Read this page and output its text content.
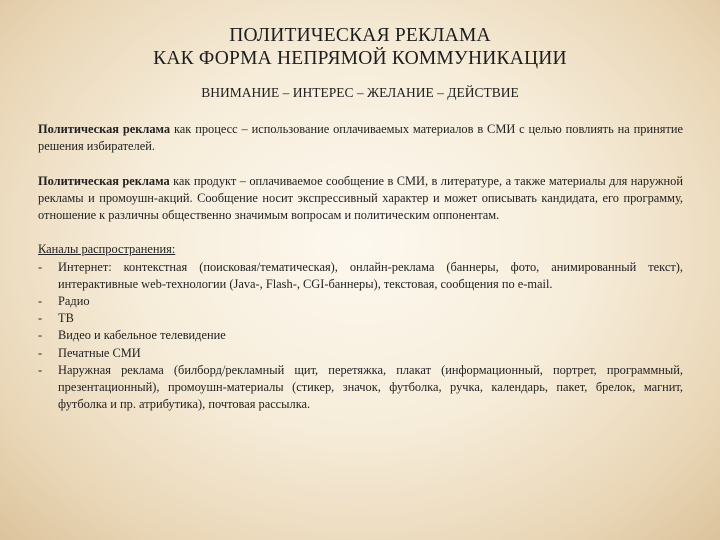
ПОЛИТИЧЕСКАЯ РЕКЛАМА
КАК ФОРМА НЕПРЯМОЙ КОММУНИКАЦИИ
ВНИМАНИЕ – ИНТЕРЕС – ЖЕЛАНИЕ – ДЕЙСТВИЕ

Политическая реклама как процесс – использование оплачиваемых материалов в СМИ с целью повлиять на принятие решения избирателей.

Политическая реклама как продукт – оплачиваемое сообщение в СМИ, в литературе, а также материалы для наружной рекламы и промоушн-акций. Сообщение носит экспрессивный характер и может описывать кандидата, его программу, отношение к различны общественно значимым вопросам и политическим оппонентам.

Каналы распространения:

-	Интернет: контекстная (поисковая/тематическая), онлайн-реклама (баннеры, фото, анимированный текст), интерактивные web-технологии (Java-, Flash-, CGI-баннеры), текстовая, сообщения по e-mail.
-	Радио
-	ТВ
-	Видео и кабельное телевидение
-	Печатные СМИ
-	Наружная реклама (билборд/рекламный щит, перетяжка, плакат (информационный, портрет, программный, презентационный), промоушн-материалы (стикер, значок, футболка, ручка, календарь, пакет, брелок, магнит, футболка и пр. атрибутика), почтовая рассылка.
